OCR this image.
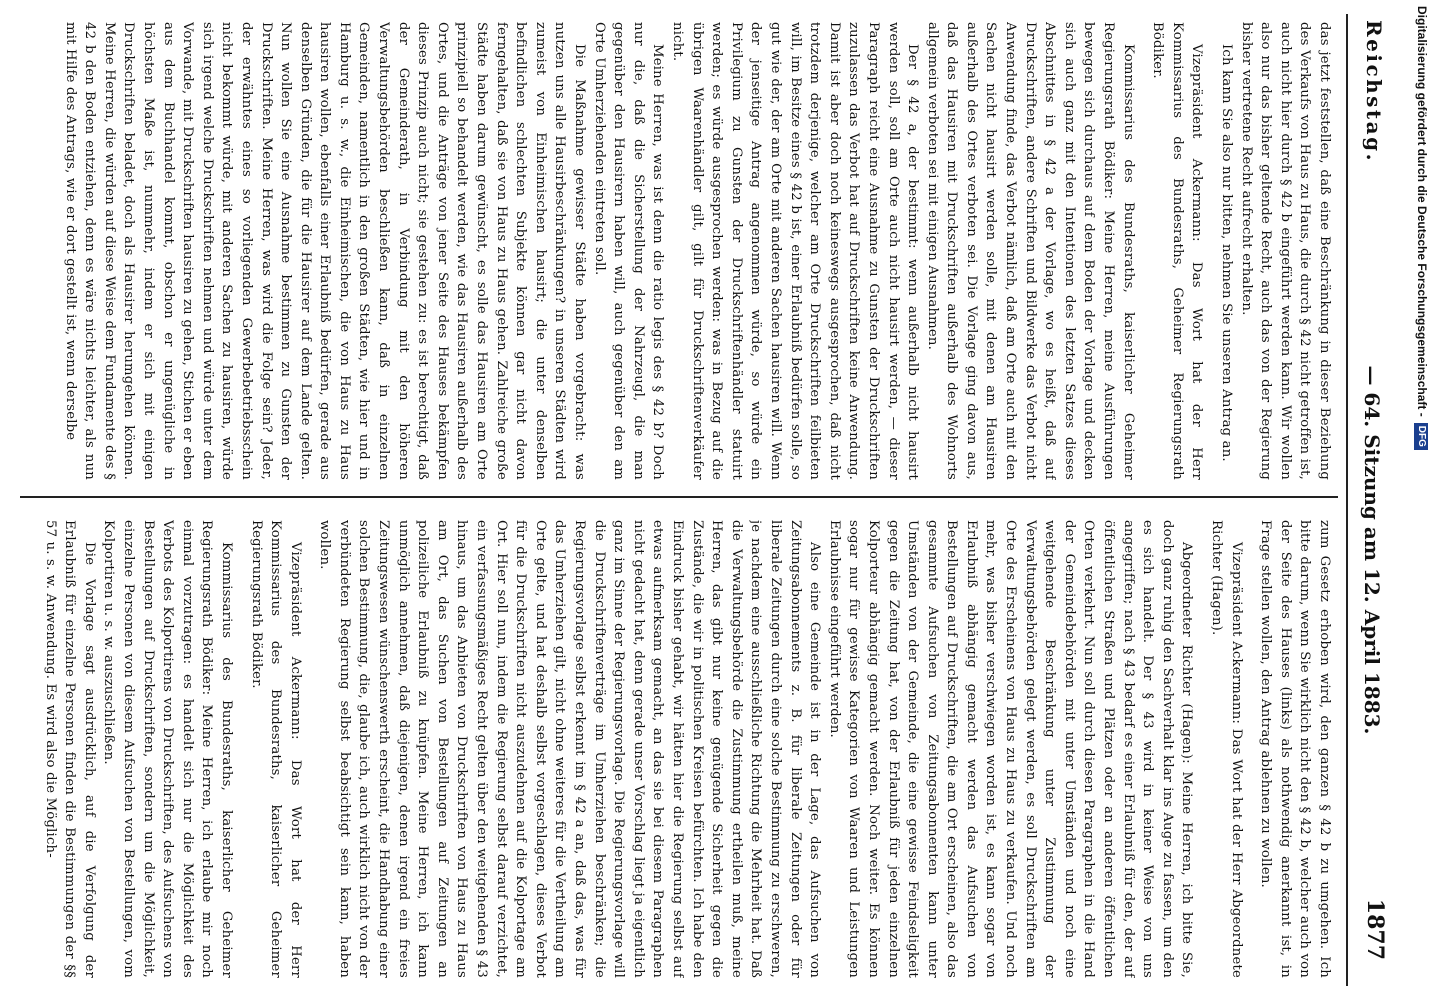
Reichstag.
— 64. Sitzung am 12. April 1883.
1877

das jetzt feststellen, daß eine Beschränkung in dieser Beziehung des Verkaufs von Haus zu Haus, die durch § 42 nicht getroffen ist, auch nicht hier durch § 42 b eingeführt werden kann. Wir wollen also nur das bisher geltende Recht, auch das von der Regierung bisher vertretene Recht aufrecht erhalten.

Ich kann Sie also nur bitten, nehmen Sie unseren Antrag an.

Vizepräsident Ackermann: Das Wort hat der Herr Kommissarius des Bundesraths, Geheimer Regierungsrath Bödiker.

Kommissarius des Bundesraths, kaiserlicher Geheimer Regierungsrath Bödiker: Meine Herren, meine Ausführungen bewegen sich durchaus auf dem Boden der Vorlage und decken sich auch ganz mit den Intentionen des letzten Satzes dieses Abschnittes in § 42 a der Vorlage, wo es heißt, daß auf Druckschriften, andere Schriften und Bildwerke das Verbot nicht Anwendung finde, das Verbot nämlich, daß am Orte auch mit den Sachen nicht hausirt werden solle, mit denen am Hausiren außerhalb des Ortes verboten sei. Die Vorlage ging davon aus, daß das Hausiren mit Druckschriften außerhalb des Wohnorts allgemein verboten sei mit einigen Ausnahmen.

Der § 42 a, der bestimmt: wenn außerhalb nicht hausirt werden soll, soll am Orte auch nicht hausirt werden, — dieser Paragraph reicht eine Ausnahme zu Gunsten der Druckschriften zuzulassen das Verbot hat auf Druckschriften keine Anwendung. Damit ist aber doch noch keineswegs ausgesprochen, daß nicht trotzdem derjenige, welcher am Orte Druckschriften feilbieten will, im Besitze eines § 42 b ist, einer Erlaubniß bedürfen solle, so gut wie der, der am Orte mit anderen Sachen hausiren will. Wenn der jenseitige Antrag angenommen würde, so würde ein Privilegium zu Gunsten der Druckschriftenhändler statuirt werden; es würde ausgesprochen werden: was in Bezug auf die übrigen Waarenhändler gilt, gilt für Druckschriftenverkäufer nicht.

Meine Herren, was ist denn die ratio legis des § 42 b? Doch nur die, daß die Sicherstellung der Nahrzeugl, die man gegenüber den Hausirern haben will, auch gegenüber den am Orte Umherziehenden eintreten soll.

Die Maßnahme gewisser Städte haben vorgebracht: was nutzen uns alle Hausirbeschränkungen? in unseren Städten wird zumeist von Einheimischen hausirt; die unter denselben befindlichen schlechten Subjekte können gar nicht davon ferngehalten, daß sie von Haus zu Haus gehen. Zahlreiche große Städte haben darum gewünscht, es solle das Hausiren am Orte prinzipiell so behandelt werden, wie das Hausiren außerhalb des Ortes, und die Anträge von jener Seite des Hauses bekämpfen dieses Prinzip auch nicht; sie gestehen zu: es ist berechtigt, daß der Gemeinderath, in Verbindung mit den höheren Verwaltungsbehörden beschließen kann, daß in einzelnen Gemeinden, namentlich in den großen Städten, wie hier und in Hamburg u. s. w., die Einheimischen, die von Haus zu Haus hausiren wollen, ebenfalls einer Erlaubniß bedürfen, gerade aus denselben Gründen, die für die Hausirer auf dem Lande gelten. Nun wollen Sie eine Ausnahme bestimmen zu Gunsten der Druckschriften. Meine Herren, was wird die Folge sein? Jeder, der erwähntes eines so vorliegenden Gewerbebetriebsschein nicht bekommt würde, mit anderen Sachen zu hausiren, würde sich irgend welche Druckschriften nehmen und würde unter dem Vorwande, mit Druckschriften hausiren zu gehen, Stichen er eben aus dem Buchhandel kommt, obschon er ungenügliche in höchsten Maße ist, nummehr, indem er sich mit einigen Druckschriften beladet, doch als Hausirer herumgehen können. Meine Herren, die würden auf diese Weise dem Fundamente des § 42 b den Boden entziehen, denn es wäre nichts leichter, als nun mit Hilfe des Antrags, wie er dort gestellt ist, wenn derselbe

zum Gesetz erhoben wird, den ganzen § 42 b zu umgehen. Ich bitte darum, wenn Sie wirklich nicht den § 42 b, welcher auch von der Seite des Hauses (links) als nothwendig anerkannt ist, in Frage stellen wollen, den Antrag ablehnen zu wollen.

Vizepräsident Ackermann: Das Wort hat der Herr Abgeordnete Richter (Hagen).

Abgeordneter Richter (Hagen): Meine Herren, ich bitte Sie, doch ganz ruhig den Sachverhalt klar ins Auge zu fassen, um den es sich handelt. Der § 43 wird in keiner Weise von uns angegriffen; nach § 43 bedarf es einer Erlaubniß für den, der auf öffentlichen Straßen und Plätzen oder an anderen öffentlichen Orten verkehrt. Nun soll durch diesen Paragraphen in die Hand der Gemeindebehörden mit unter Umständen und noch eine weitgehende Beschränkung unter Zustimmung der Verwaltungsbehörden gelegt werden, es soll Druckschriften am Orte des Erscheinens von Haus zu Haus zu verkaufen. Und noch mehr, was bisher verschwiegen worden ist, es kann sogar von Erlaubniß abhängig gemacht werden das Aufsuchen von Bestellungen auf Druckschriften, die am Ort erscheinen, also das gesammte Aufsuchen von Zeitungsabonnenten kann unter Umständen von der Gemeinde, die eine gewisse Feindseligkeit gegen die Zeitung hat, von der Erlaubniß für jeden einzelnen Kolporteur abhängig gemacht werden. Noch weiter. Es können sogar nur für gewisse Kategorien von Waaren und Leistungen Erlaubnisse eingeführt werden.

Also eine Gemeinde ist in der Lage, das Aufsuchen von Zeitungsabonnements z. B. für liberale Zeitungen oder für liberale Zeitungen durch eine solche Bestimmung zu erschweren, je nachdem eine ausschließliche Richtung die Mehrheit hat. Daß die Verwaltungsbehörde die Zustimmung ertheilen muß, meine Herren, das gibt nur keine genügende Sicherheit gegen die Zustände, die wir in politischen Kreisen befürchten. Ich habe den Eindruck bisher gehabt, wir hätten hier die Regierung selbst auf etwas aufmerksam gemacht, an das sie bei diesem Paragraphen nicht gedacht hat, denn gerade unser Vorschlag liegt ja eigentlich ganz im Sinne der Regierungsvorlage. Die Regierungsvorlage will die Druckschriftenverträge im Umherziehen beschränken; die Regierungsvorlage selbst erkennt im § 42 a an, daß das, was für das Umherziehen gilt, nicht ohne weiteres für die Vertheilung am Orte gelte, und hat deshalb selbst vorgeschlagen, dieses Verbot für die Druckschriften nicht auszudehnen auf die Kolportage am Ort. Hier soll nun, indem die Regierung selbst darauf verzichtet, ein verfassungsmäßiges Recht gelten über den weitgehenden § 43 hinaus, um das Anbieten von Druckschriften von Haus zu Haus am Ort, das Suchen von Bestellungen auf Zeitungen an polizeiliche Erlaubniß zu knüpfen. Meine Herren, ich kann unmöglich annehmen, daß diejenigen, denen irgend ein freies Zeitungswesen wünschenswerth erscheint, die Handhabung einer solchen Bestimmung, die, glaube ich, auch wirklich nicht von der verbündeten Regierung selbst beabsichtigt sein kann, haben wollen.

Vizepräsident Ackermann: Das Wort hat der Herr Kommissarius des Bundesraths, kaiserlicher Geheimer Regierungsrath Bödiker.

Kommissarius des Bundesraths, kaiserlicher Geheimer Regierungsrath Bödiker: Meine Herren, ich erlaube mir noch einmal vorzutragen: es handelt sich nur die Möglichkeit des Verbots des Kolportirens von Druckschriften, des Aufsuchens von Bestellungen auf Druckschriften, sondern um die Möglichkeit, einzelne Personen von diesem Aufsuchen von Bestellungen, vom Kolportiren u. s. w. auszuschließen.

Die Vorlage sagt ausdrücklich, auf die Verfolgung der Erlaubniß für einzelne Personen finden die Bestimmungen der §§ 57 u. s. w. Anwendung. Es wird also die Möglich-

Digitalisierung gefördert durch die Deutsche Forschungsgemeinschaft -DFG
